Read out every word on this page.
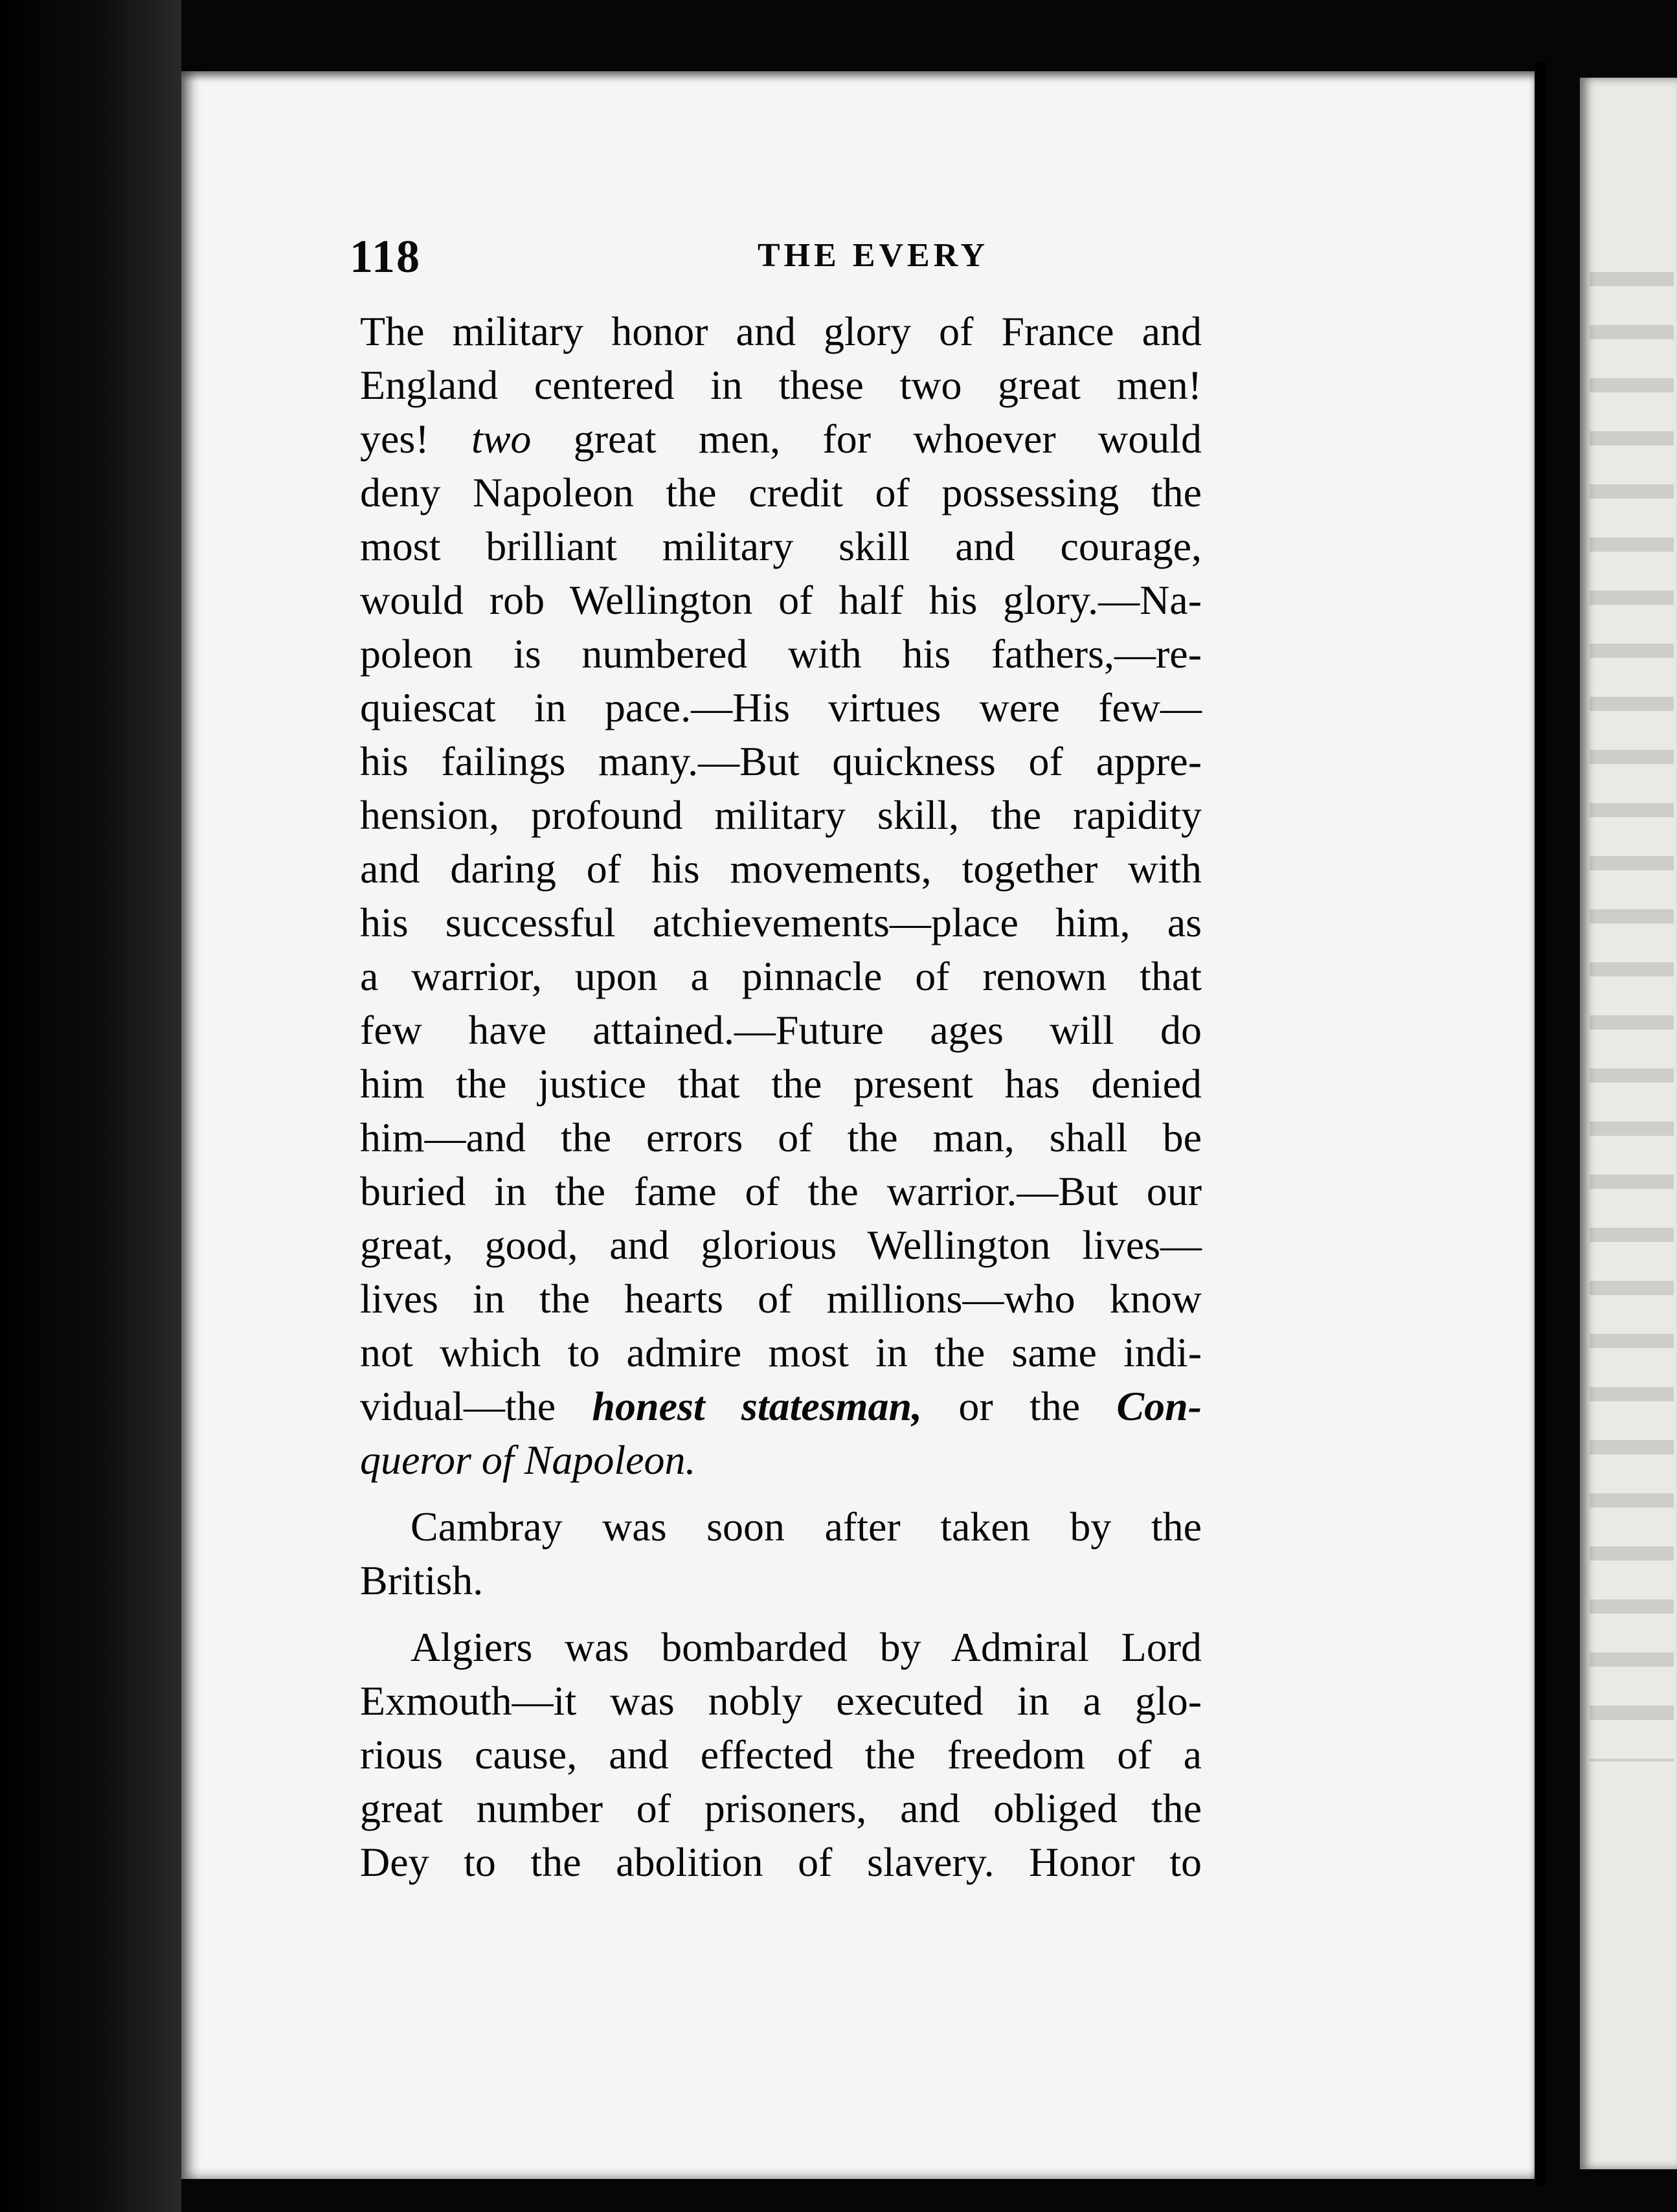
118	THE EVERY
The military honor and glory of France and
England centered in these two great men!
yes! two great men, for whoever would
deny Napoleon the credit of possessing the
most brilliant military skill and courage,
would rob Wellington of half his glory.—Na-
poleon is numbered with his fathers,—re-
quiescat in pace.—His virtues were few—
his failings many.—But quickness of appre-
hension, profound military skill, the rapidity
and daring of his movements, together with
his successful atchievements—place him, as
a warrior, upon a pinnacle of renown that
few have attained.—Future ages will do
him the justice that the present has denied
him—and the errors of the man, shall be
buried in the fame of the warrior.—But our
great, good, and glorious Wellington lives—
lives in the hearts of millions—who know
not which to admire most in the same indi-
vidual—the honest statesman, or the Con-
queror of Napoleon.
Cambray was soon after taken by the
British.
Algiers was bombarded by Admiral Lord
Exmouth—it was nobly executed in a glo-
rious cause, and effected the freedom of a
great number of prisoners, and obliged the
Dey to the abolition of slavery. Honor to
